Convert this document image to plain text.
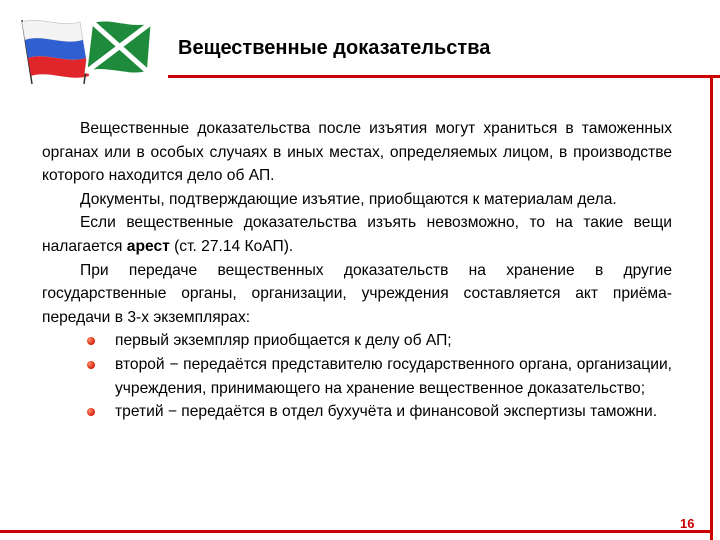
Вещественные доказательства

Вещественные доказательства после изъятия могут храниться в таможенных органах или в особых случаях в иных местах, определяемых лицом, в производстве которого находится дело об АП.

Документы, подтверждающие изъятие, приобщаются к материалам дела.

Если вещественные доказательства изъять невозможно, то на такие вещи налагается арест (ст. 27.14 КоАП).

При передаче вещественных доказательств на хранение в другие государственные органы, организации, учреждения составляется акт приёма-передачи в 3-х экземплярах:

первый экземпляр приобщается к делу об АП;
второй − передаётся представителю государственного органа, организации, учреждения, принимающего на хранение вещественное доказательство;
третий − передаётся в отдел бухучёта и финансовой экспертизы таможни.
16
